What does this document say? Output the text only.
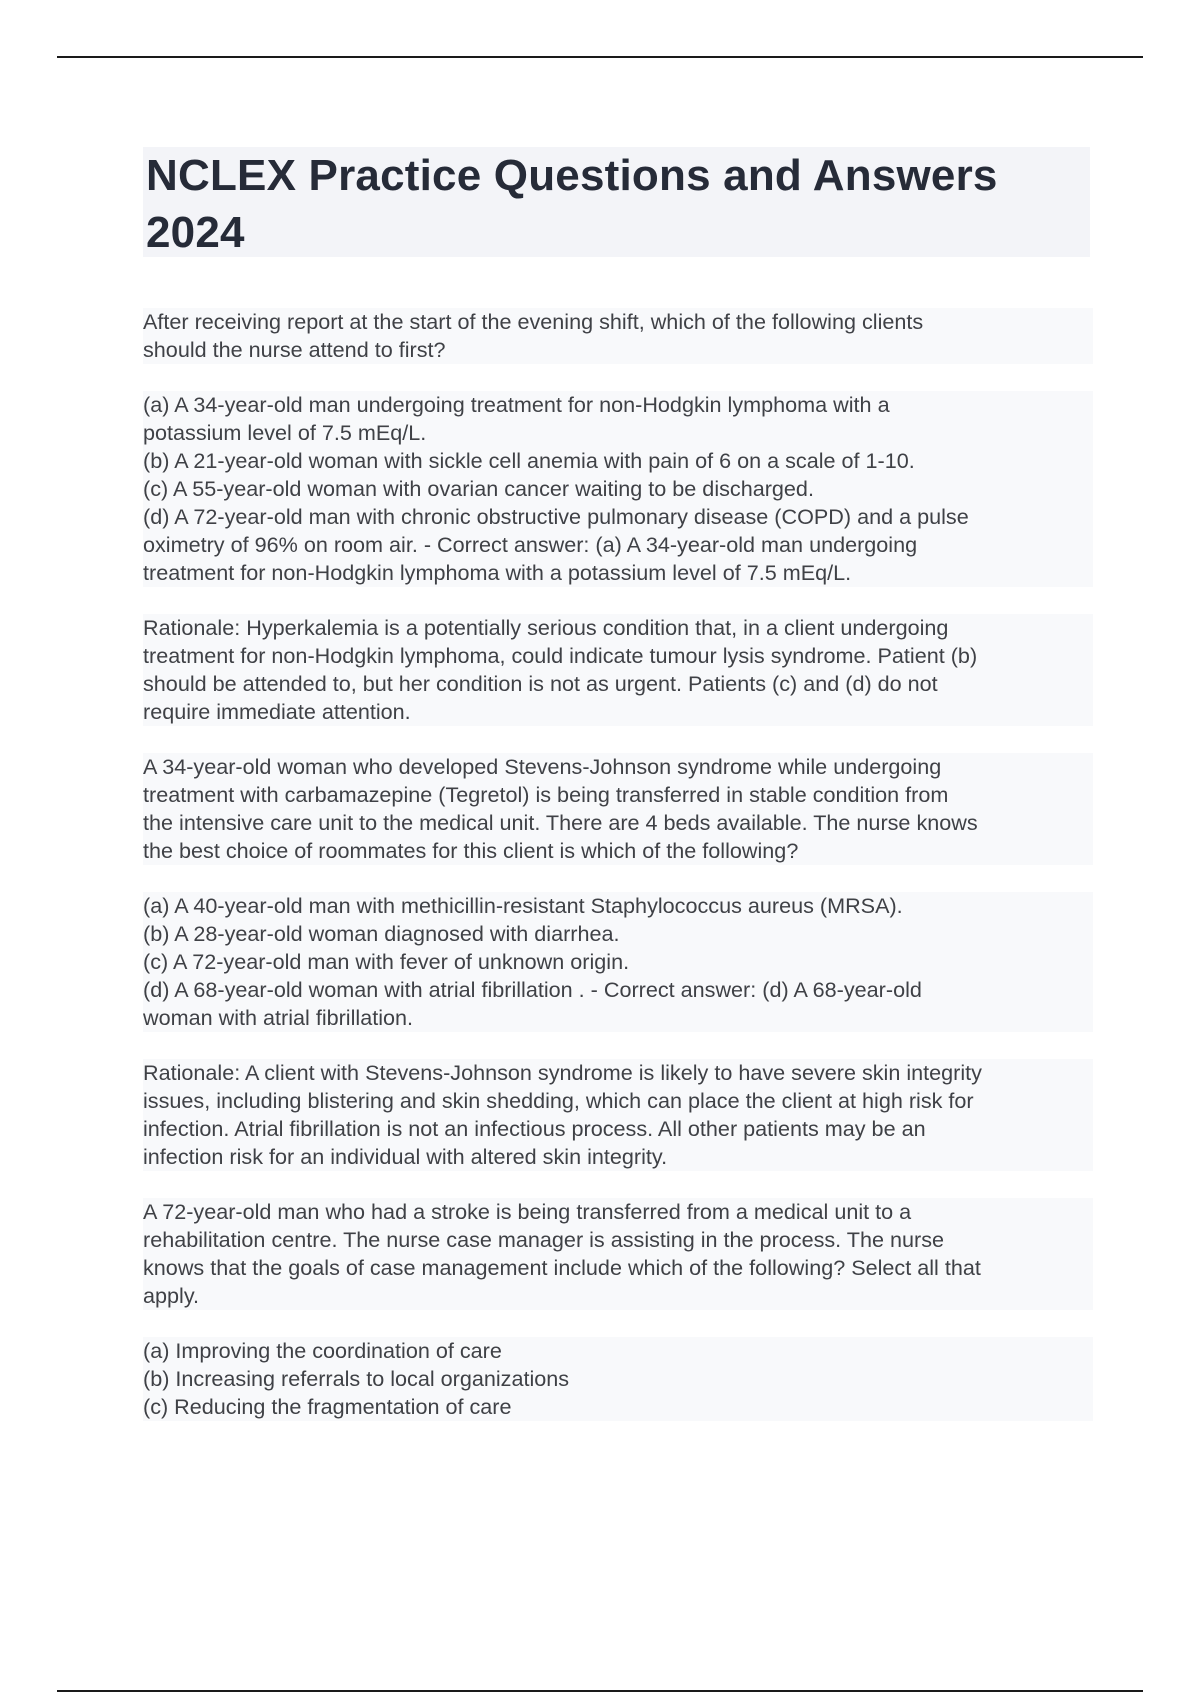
NCLEX Practice Questions and Answers
2024

After receiving report at the start of the evening shift, which of the following clients
should the nurse attend to first?

(a) A 34-year-old man undergoing treatment for non-Hodgkin lymphoma with a
potassium level of 7.5 mEq/L.
(b) A 21-year-old woman with sickle cell anemia with pain of 6 on a scale of 1-10.
(c) A 55-year-old woman with ovarian cancer waiting to be discharged.
(d) A 72-year-old man with chronic obstructive pulmonary disease (COPD) and a pulse
oximetry of 96% on room air. - Correct answer: (a) A 34-year-old man undergoing
treatment for non-Hodgkin lymphoma with a potassium level of 7.5 mEq/L.

Rationale: Hyperkalemia is a potentially serious condition that, in a client undergoing
treatment for non-Hodgkin lymphoma, could indicate tumour lysis syndrome. Patient (b)
should be attended to, but her condition is not as urgent. Patients (c) and (d) do not
require immediate attention.

A 34-year-old woman who developed Stevens-Johnson syndrome while undergoing
treatment with carbamazepine (Tegretol) is being transferred in stable condition from
the intensive care unit to the medical unit. There are 4 beds available. The nurse knows
the best choice of roommates for this client is which of the following?

(a) A 40-year-old man with methicillin-resistant Staphylococcus aureus (MRSA).
(b) A 28-year-old woman diagnosed with diarrhea.
(c) A 72-year-old man with fever of unknown origin.
(d) A 68-year-old woman with atrial fibrillation . - Correct answer: (d) A 68-year-old
woman with atrial fibrillation.

Rationale: A client with Stevens-Johnson syndrome is likely to have severe skin integrity
issues, including blistering and skin shedding, which can place the client at high risk for
infection. Atrial fibrillation is not an infectious process. All other patients may be an
infection risk for an individual with altered skin integrity.

A 72-year-old man who had a stroke is being transferred from a medical unit to a
rehabilitation centre. The nurse case manager is assisting in the process. The nurse
knows that the goals of case management include which of the following? Select all that
apply.

(a) Improving the coordination of care
(b) Increasing referrals to local organizations
(c) Reducing the fragmentation of care
